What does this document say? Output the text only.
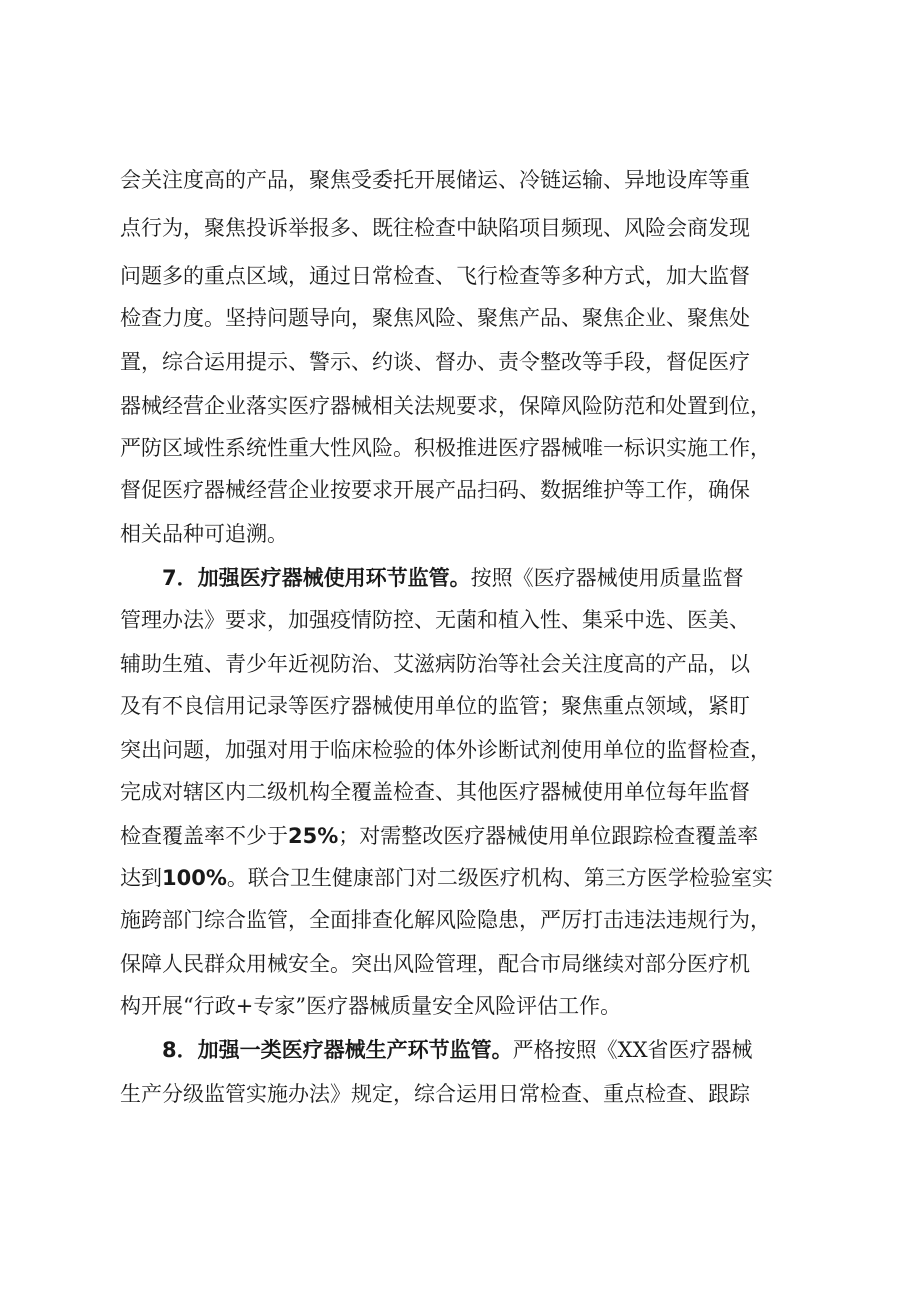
会关注度高的产品，聚焦受委托开展储运、冷链运输、异地设库等重
点行为，聚焦投诉举报多、既往检查中缺陷项目频现、风险会商发现
问题多的重点区域，通过日常检查、飞行检查等多种方式，加大监督
检查力度。坚持问题导向，聚焦风险、聚焦产品、聚焦企业、聚焦处
置，综合运用提示、警示、约谈、督办、责令整改等手段，督促医疗
器械经营企业落实医疗器械相关法规要求，保障风险防范和处置到位，
严防区域性系统性重大性风险。积极推进医疗器械唯一标识实施工作，
督促医疗器械经营企业按要求开展产品扫码、数据维护等工作，确保
相关品种可追溯。
7．加强医疗器械使用环节监管。按照《医疗器械使用质量监督
管理办法》要求，加强疫情防控、无菌和植入性、集采中选、医美、
辅助生殖、青少年近视防治、艾滋病防治等社会关注度高的产品，以
及有不良信用记录等医疗器械使用单位的监管；聚焦重点领域，紧盯
突出问题，加强对用于临床检验的体外诊断试剂使用单位的监督检查，
完成对辖区内二级机构全覆盖检查、其他医疗器械使用单位每年监督
检查覆盖率不少于25%；对需整改医疗器械使用单位跟踪检查覆盖率
达到100%。联合卫生健康部门对二级医疗机构、第三方医学检验室实
施跨部门综合监管，全面排查化解风险隐患，严厉打击违法违规行为，
保障人民群众用械安全。突出风险管理，配合市局继续对部分医疗机
构开展“行政+专家”医疗器械质量安全风险评估工作。
8．加强一类医疗器械生产环节监管。严格按照《XX省医疗器械
生产分级监管实施办法》规定，综合运用日常检查、重点检查、跟踪
